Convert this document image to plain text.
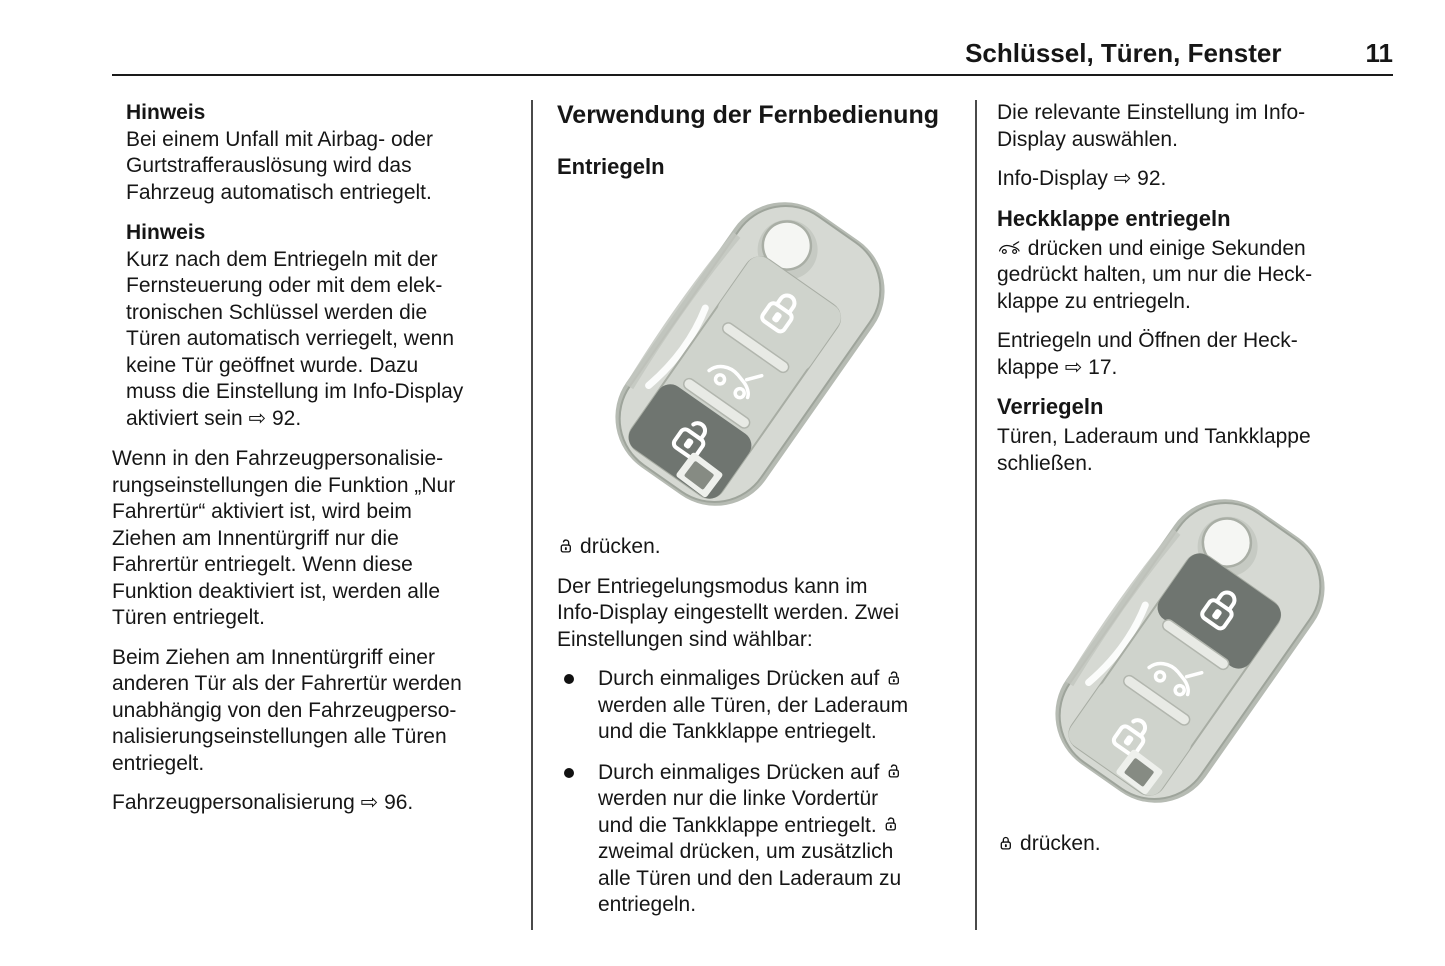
Schlüssel, Türen, Fenster	11

Hinweis

Bei einem Unfall mit Airbag- oder
Gurtstrafferauslösung wird das
Fahrzeug automatisch entriegelt.

Hinweis

Kurz nach dem Entriegeln mit der
Fernsteuerung oder mit dem elek-
tronischen Schlüssel werden die
Türen automatisch verriegelt, wenn
keine Tür geöffnet wurde. Dazu
muss die Einstellung im Info-Display
aktiviert sein ⇨ 92.

Wenn in den Fahrzeugpersonalisie-
rungseinstellungen die Funktion „Nur
Fahrertür“ aktiviert ist, wird beim
Ziehen am Innentürgriff nur die
Fahrertür entriegelt. Wenn diese
Funktion deaktiviert ist, werden alle
Türen entriegelt.

Beim Ziehen am Innentürgriff einer
anderen Tür als der Fahrertür werden
unabhängig von den Fahrzeugperso-
nalisierungseinstellungen alle Türen
entriegelt.

Fahrzeugpersonalisierung ⇨ 96.

Verwendung der Fernbedienung
Entriegeln

drücken.

Der Entriegelungsmodus kann im
Info-Display eingestellt werden. Zwei
Einstellungen sind wählbar:

Durch einmaliges Drücken auf

werden alle Türen, der Laderaum
und die Tankklappe entriegelt.
Durch einmaliges Drücken auf

werden nur die linke Vordertür
und die Tankklappe entriegelt.

zweimal drücken, um zusätzlich
alle Türen und den Laderaum zu
entriegeln.

Die relevante Einstellung im Info-
Display auswählen.

Info-Display ⇨ 92.

Heckklappe entriegeln

drücken und einige Sekunden
gedrückt halten, um nur die Heck-
klappe zu entriegeln.

Entriegeln und Öffnen der Heck-
klappe ⇨ 17.

Verriegeln

Türen, Laderaum und Tankklappe
schließen.

drücken.
